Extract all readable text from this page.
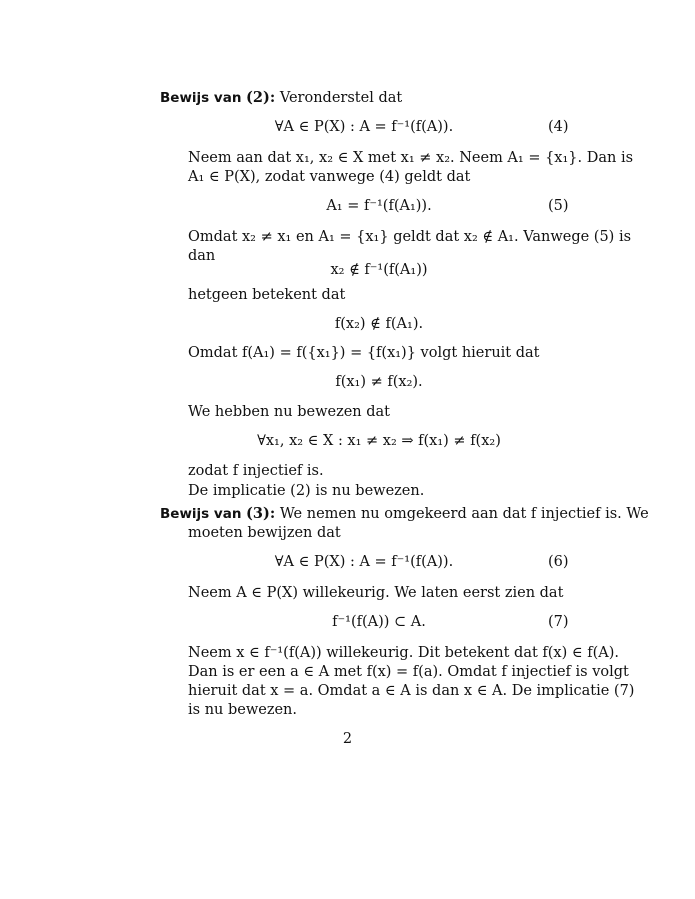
Bewijs van (2): Veronderstel dat
∀A ∈ P(X) : A = f⁻¹(f(A)).	(4)
Neem aan dat x₁, x₂ ∈ X met x₁ ≠ x₂. Neem A₁ = {x₁}. Dan is
A₁ ∈ P(X), zodat vanwege (4) geldt dat
A₁ = f⁻¹(f(A₁)).	(5)
Omdat x₂ ≠ x₁ en A₁ = {x₁} geldt dat x₂ ∉ A₁. Vanwege (5) is
dan
x₂ ∉ f⁻¹(f(A₁))
hetgeen betekent dat
f(x₂) ∉ f(A₁).
Omdat f(A₁) = f({x₁}) = {f(x₁)} volgt hieruit dat
f(x₁) ≠ f(x₂).
We hebben nu bewezen dat
∀x₁, x₂ ∈ X : x₁ ≠ x₂ ⇒ f(x₁) ≠ f(x₂)
zodat f injectief is.
De implicatie (2) is nu bewezen.
Bewijs van (3): We nemen nu omgekeerd aan dat f injectief is. We
moeten bewijzen dat
∀A ∈ P(X) : A = f⁻¹(f(A)).	(6)
Neem A ∈ P(X) willekeurig. We laten eerst zien dat
f⁻¹(f(A)) ⊂ A.	(7)
Neem x ∈ f⁻¹(f(A)) willekeurig. Dit betekent dat f(x) ∈ f(A).
Dan is er een a ∈ A met f(x) = f(a). Omdat f injectief is volgt
hieruit dat x = a. Omdat a ∈ A is dan x ∈ A. De implicatie (7)
is nu bewezen.
2
